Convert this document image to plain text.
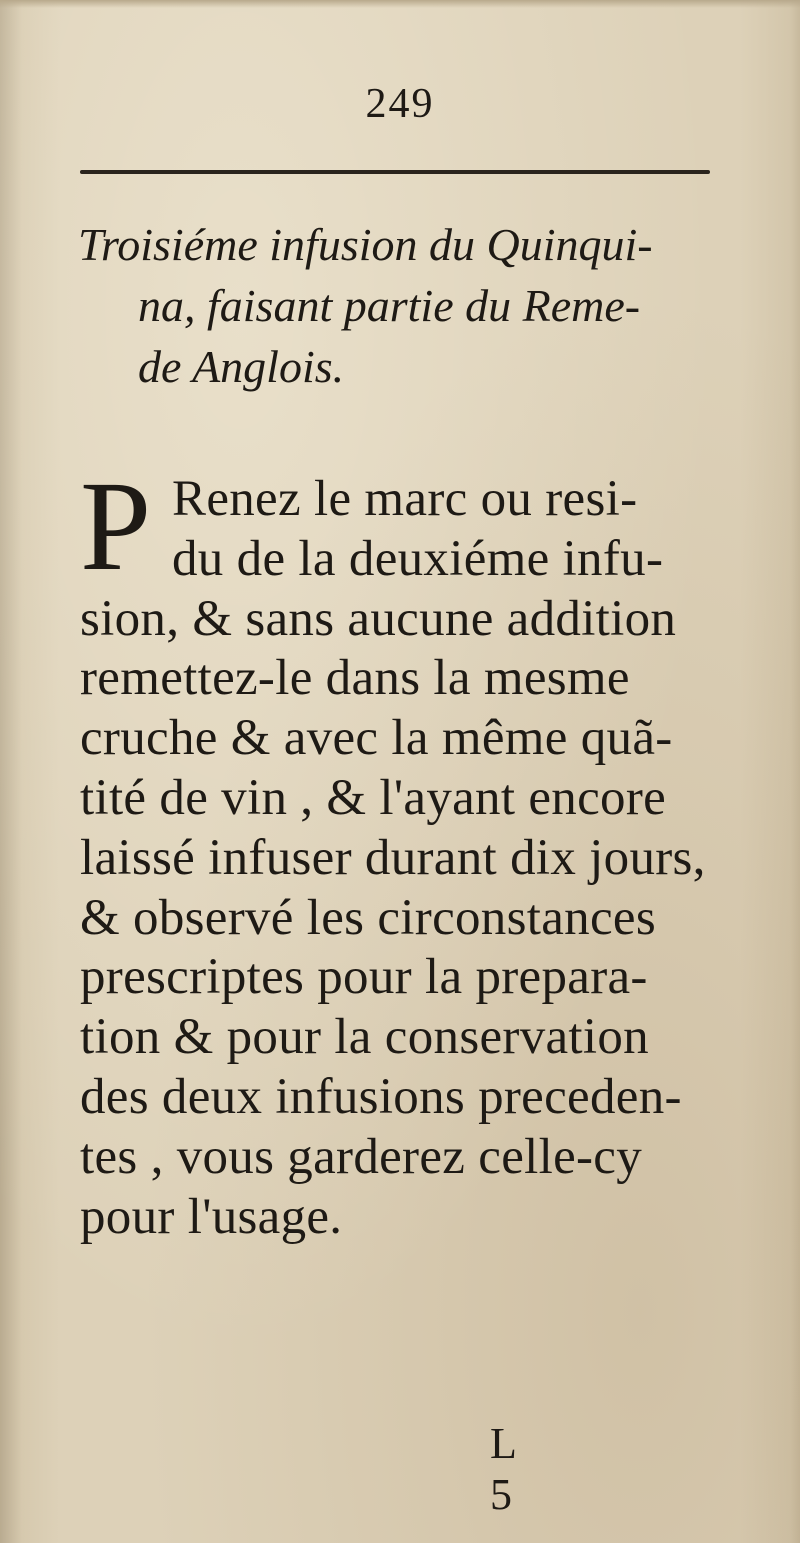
249
Troisiéme infusion du Quinqui-
na, faisant partie du Reme-
de Anglois.
P Renez le marc ou resi-
du de la deuxiéme infu-
sion, & sans aucune addition
remettez-le dans la mesme
cruche & avec la même quã-
tité de vin , & l'ayant encore
laissé infuser durant dix jours,
& observé les circonstances
prescriptes pour la prepara-
tion & pour la conservation
des deux infusions preceden-
tes , vous garderez celle-cy
pour l'usage.
L 5
